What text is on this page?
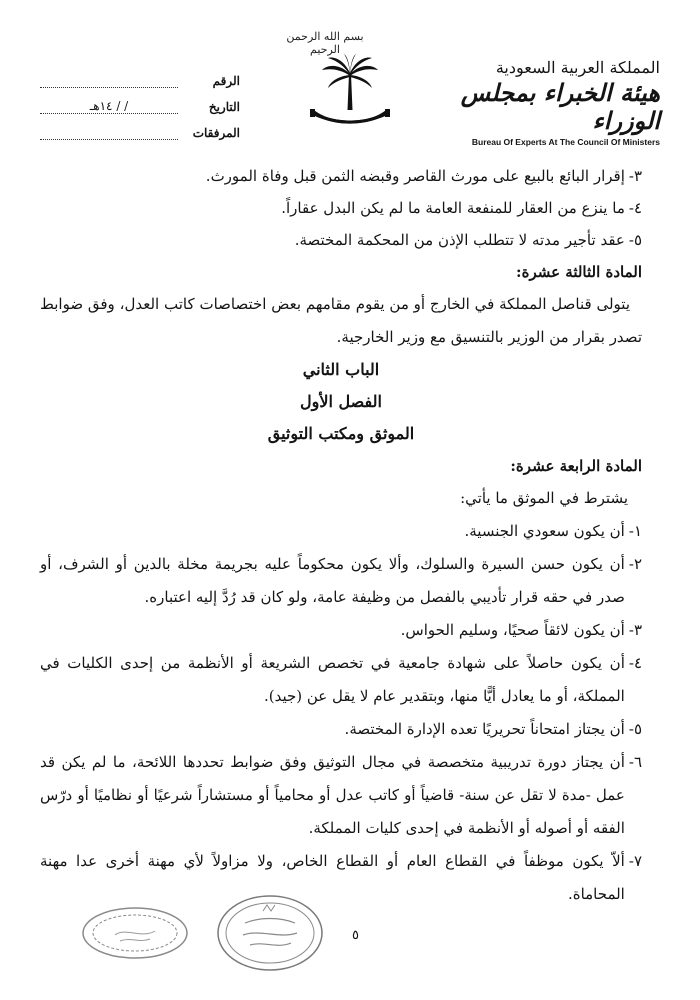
بسم الله الرحمن الرحيم
المملكة العربية السعودية
هيئة الخبراء بمجلس الوزراء
Bureau Of Experts At The Council Of Ministers
الرقم
التاريخ
/ / ١٤هـ
المرفقات
٣-
إقرار البائع بالبيع على مورث القاصر وقبضه الثمن قبل وفاة المورث.
٤-
ما ينزع من العقار للمنفعة العامة ما لم يكن البدل عقاراً.
٥-
عقد تأجير مدته لا تتطلب الإذن من المحكمة المختصة.
المادة الثالثة عشرة:
يتولى قناصل المملكة في الخارج أو من يقوم مقامهم بعض اختصاصات كاتب العدل، وفق ضوابط تصدر بقرار من الوزير بالتنسيق مع وزير الخارجية.
الباب الثاني
الفصل الأول
الموثق ومكتب التوثيق
المادة الرابعة عشرة:
يشترط في الموثق ما يأتي:
١-
أن يكون سعودي الجنسية.
٢-
أن يكون حسن السيرة والسلوك، وألا يكون محكوماً عليه بجريمة مخلة بالدين أو الشرف، أو صدر في حقه قرار تأديبي بالفصل من وظيفة عامة، ولو كان قد رُدَّ إليه اعتباره.
٣-
أن يكون لائقاً صحيًا، وسليم الحواس.
٤-
أن يكون حاصلاً على شهادة جامعية في تخصص الشريعة أو الأنظمة من إحدى الكليات في المملكة، أو ما يعادل أيًّا منها، وبتقدير عام لا يقل عن (جيد).
٥-
أن يجتاز امتحاناً تحريريًا تعده الإدارة المختصة.
٦-
أن يجتاز دورة تدريبية متخصصة في مجال التوثيق وفق ضوابط تحددها اللائحة، ما لم يكن قد عمل -مدة لا تقل عن سنة- قاضياً أو كاتب عدل أو محامياً أو مستشاراً شرعيًا أو نظاميًا أو درّس الفقه أو أصوله أو الأنظمة في إحدى كليات المملكة.
٧-
ألاّ يكون موظفاً في القطاع العام أو القطاع الخاص، ولا مزاولاً لأي مهنة أخرى عدا مهنة المحاماة.
٥
